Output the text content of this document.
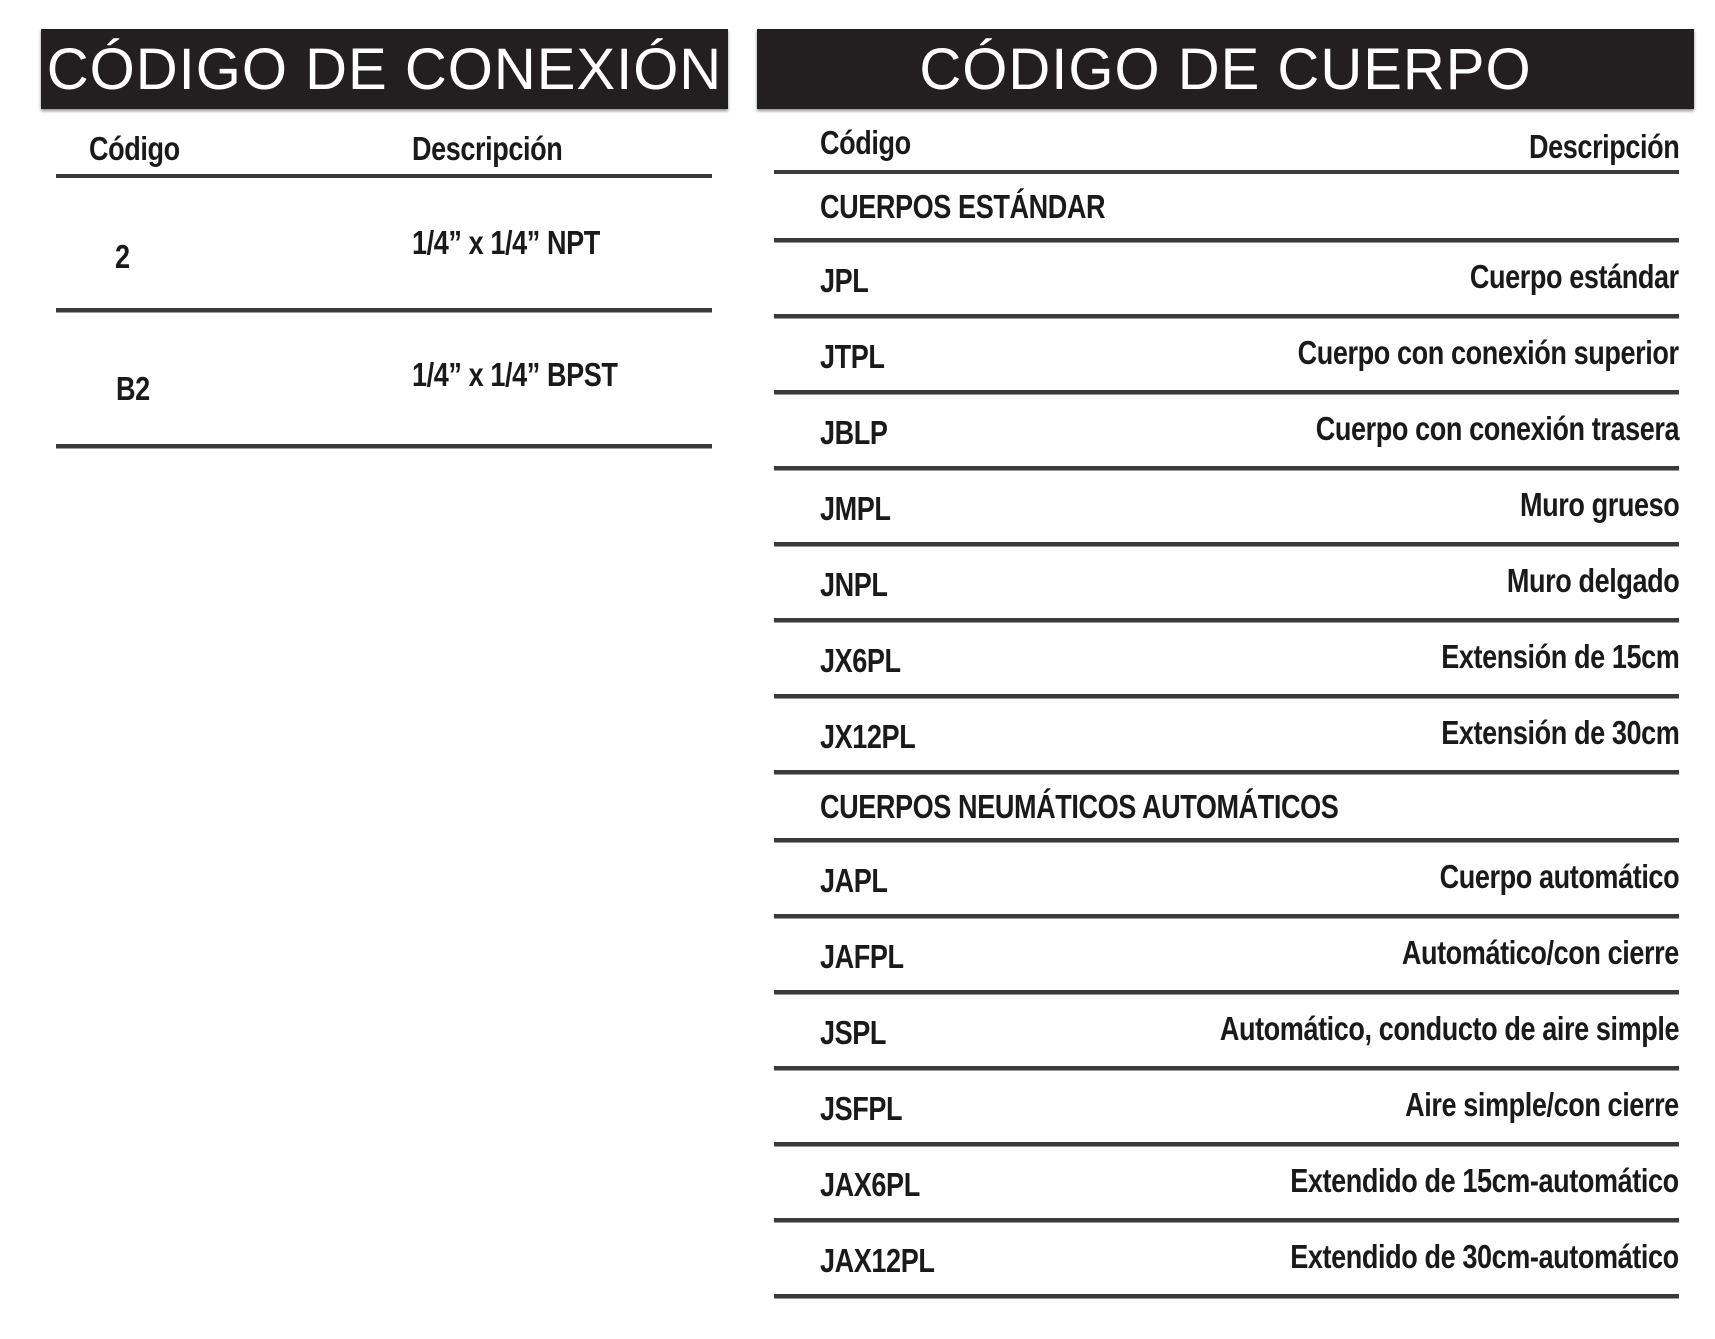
CÓDIGO DE CONEXIÓN	CÓDIGO DE CUERPO
Código	Descripción
2	1/4” x 1/4” NPT
B2	1/4” x 1/4” BPST
Código	Descripción
CUERPOS ESTÁNDAR
JPL	Cuerpo estándar
JTPL	Cuerpo con conexión superior
JBLP	Cuerpo con conexión trasera
JMPL	Muro grueso
JNPL	Muro delgado
JX6PL	Extensión de 15cm
JX12PL	Extensión de 30cm
CUERPOS NEUMÁTICOS AUTOMÁTICOS
JAPL	Cuerpo automático
JAFPL	Automático/con cierre
JSPL	Automático, conducto de aire simple
JSFPL	Aire simple/con cierre
JAX6PL	Extendido de 15cm-automático
JAX12PL	Extendido de 30cm-automático
